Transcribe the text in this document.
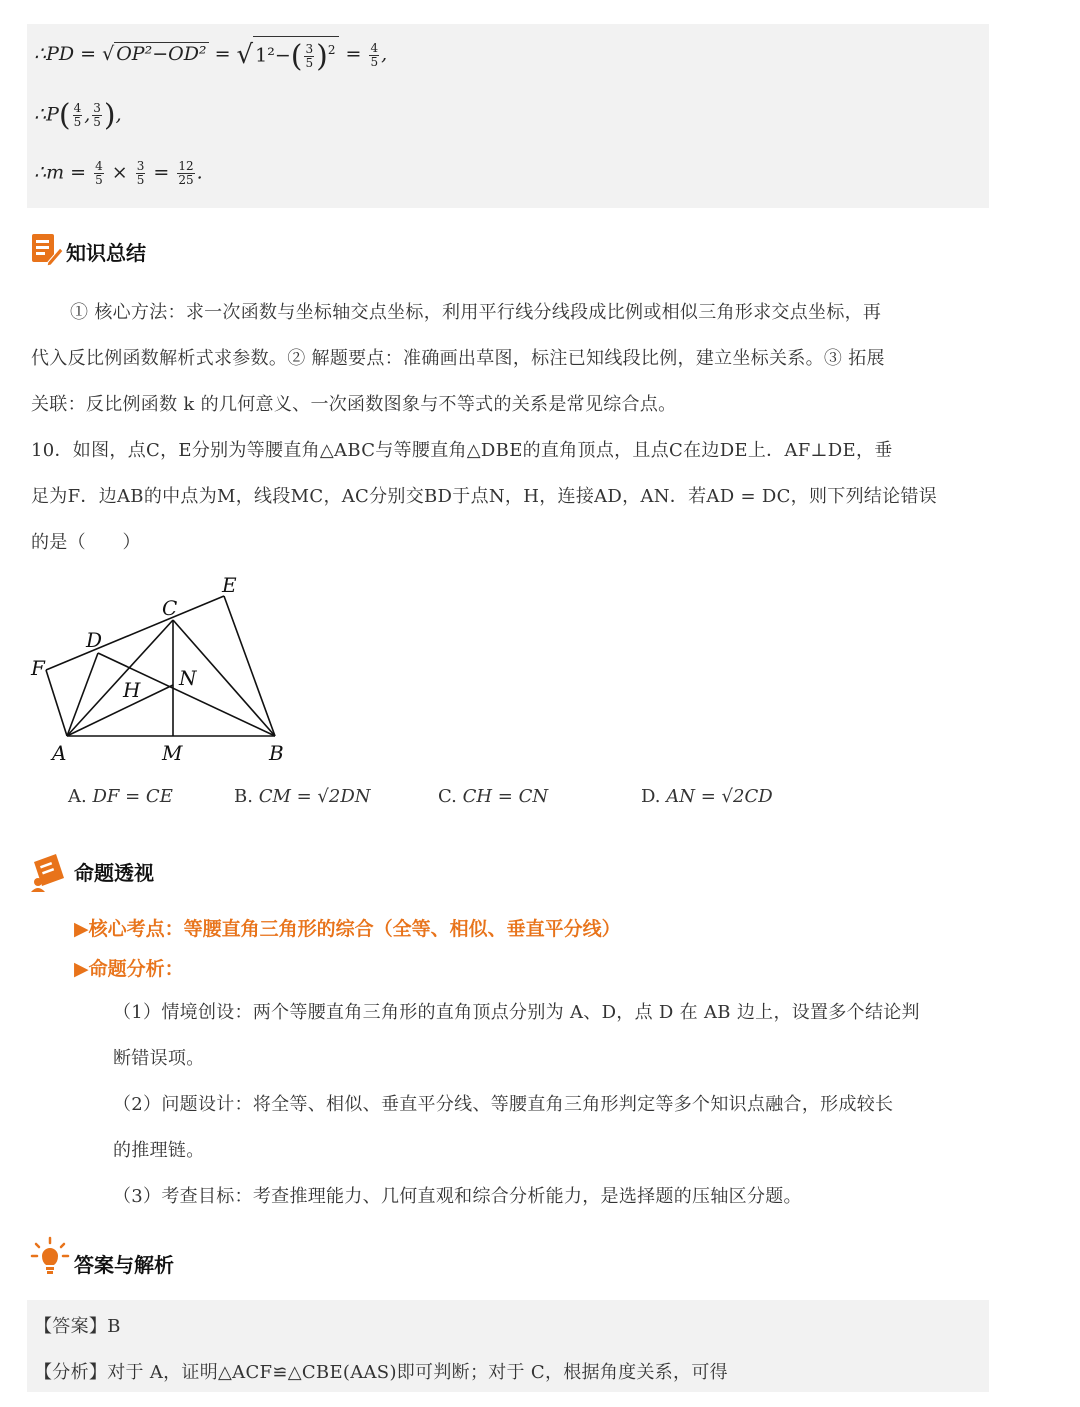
∴PD = √ OP²−OD² = √ $1^2-( \frac{3}{5} )^2 = \frac{4}{5}$ ,
∴P( $\frac{4}{5}$ , $\frac{3}{5}$ ),
∴m = $\frac{4}{5} \times \frac{3}{5} = \frac{12}{25}$ .
知识总结
① 核心方法：求一次函数与坐标轴交点坐标，利用平行线分线段成比例或相似三角形求交点坐标，再
代入反比例函数解析式求参数。② 解题要点：准确画出草图，标注已知线段比例，建立坐标关系。③ 拓展
关联：反比例函数 k 的几何意义、一次函数图象与不等式的关系是常见综合点。
10．如图，点C，E分别为等腰直角△ABC与等腰直角△DBE的直角顶点，且点C在边DE上．AF⊥DE，垂
足为F．边AB的中点为M，线段MC，AC分别交BD于点N，H，连接AD，AN．若AD = DC，则下列结论错误
的是（　　）
E
C
D
F
H N
A	M	B
A. DF = CE	B. CM = √2DN	C. CH = CN	D. AN = √2CD
命题透视
▶核心考点：等腰直角三角形的综合（全等、相似、垂直平分线）
▶命题分析：
（1）情境创设：两个等腰直角三角形的直角顶点分别为 A、D，点 D 在 AB 边上，设置多个结论判
断错误项。
（2）问题设计：将全等、相似、垂直平分线、等腰直角三角形判定等多个知识点融合，形成较长
的推理链。
（3）考查目标：考查推理能力、几何直观和综合分析能力，是选择题的压轴区分题。
答案与解析
【答案】B
【分析】对于 A，证明△ACF≌△CBE(AAS)即可判断；对于 C，根据角度关系，可得
